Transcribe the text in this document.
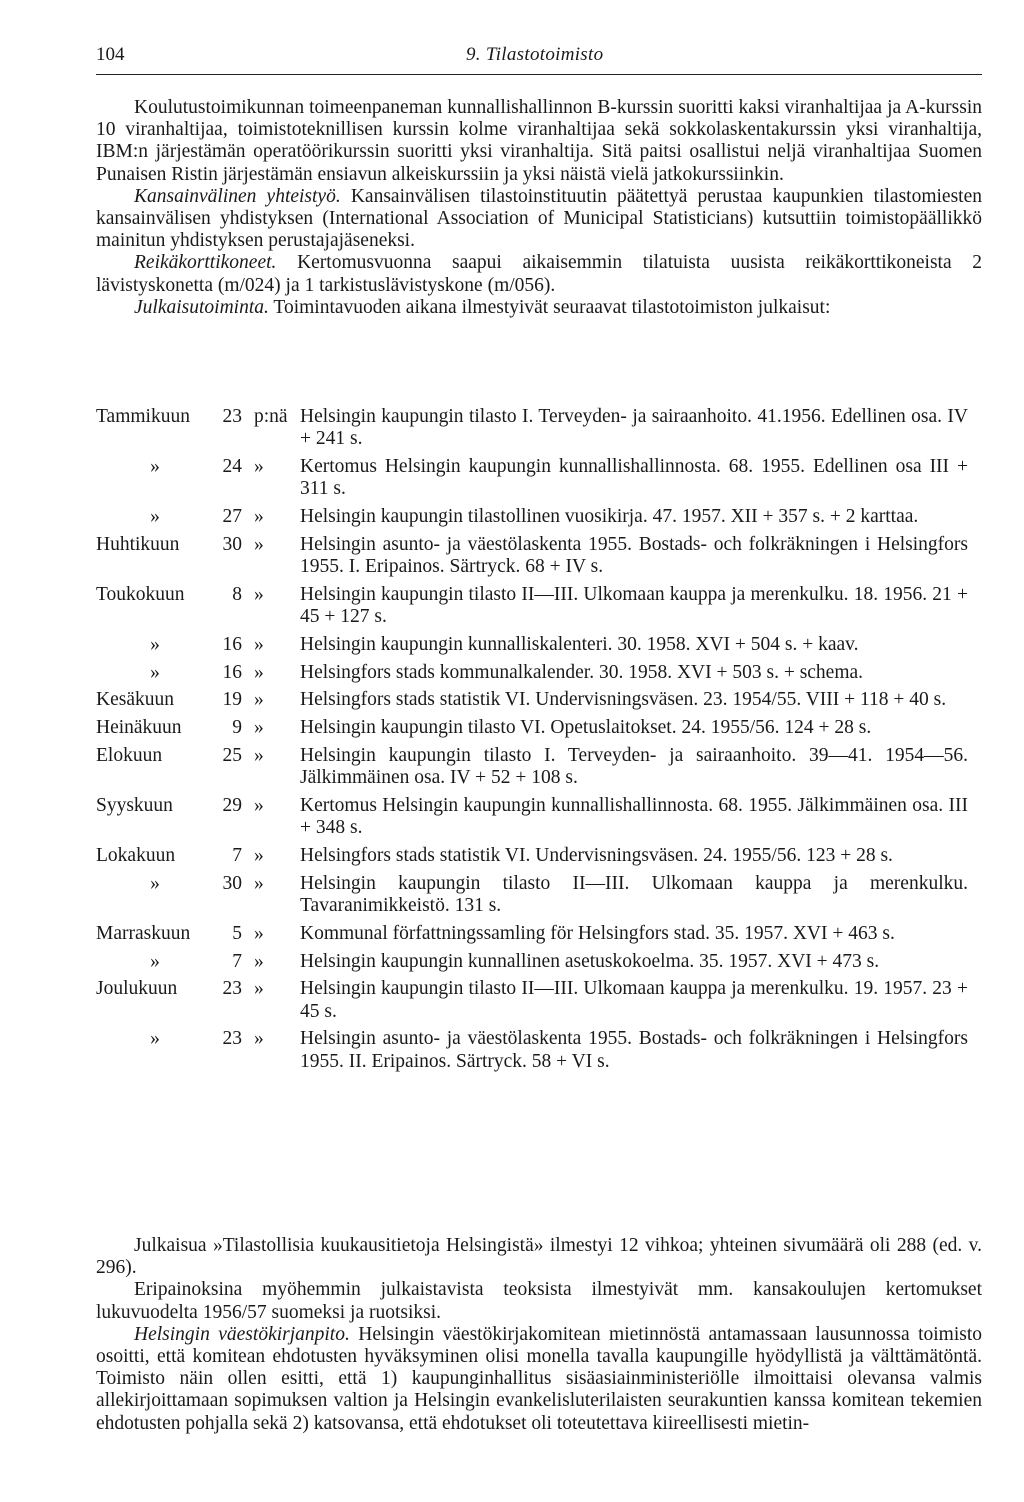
104	9. Tilastotoimisto

Koulutustoimikunnan toimeenpaneman kunnallishallinnon B-kurssin suoritti kaksi viranhaltijaa ja A-kurssin 10 viranhaltijaa, toimistoteknillisen kurssin kolme viranhaltijaa sekä sokkolaskentakurssin yksi viranhaltija, IBM:n järjestämän operatöörikurssin suoritti yksi viranhaltija. Sitä paitsi osallistui neljä viranhaltijaa Suomen Punaisen Ristin järjestämän ensiavun alkeiskurssiin ja yksi näistä vielä jatkokurssiinkin.

Kansainvälinen yhteistyö. Kansainvälisen tilastoinstituutin päätettyä perustaa kaupunkien tilastomiesten kansainvälisen yhdistyksen (International Association of Municipal Statisticians) kutsuttiin toimistopäällikkö mainitun yhdistyksen perustajajäseneksi.

Reikäkorttikoneet. Kertomusvuonna saapui aikaisemmin tilatuista uusista reikäkorttikoneista 2 lävistyskonetta (m/024) ja 1 tarkistuslävistyskone (m/056).

Julkaisutoiminta. Toimintavuoden aikana ilmestyivät seuraavat tilastotoimiston julkaisut:

Tammikuun	23 p:nä Helsingin kaupungin tilasto I. Terveyden- ja sairaanhoito. 41.1956. Edellinen osa. IV + 241 s.
»	24 »	Kertomus Helsingin kaupungin kunnallishallinnosta. 68. 1955. Edellinen osa III + 311 s.
»	27 »	Helsingin kaupungin tilastollinen vuosikirja. 47. 1957. XII + 357 s. + 2 karttaa.
Huhtikuun	30 »	Helsingin asunto- ja väestölaskenta 1955. Bostads- och folkräkningen i Helsingfors 1955. I. Eripainos. Särtryck. 68 + IV s.
Toukokuun	8 »	Helsingin kaupungin tilasto II—III. Ulkomaan kauppa ja merenkulku. 18. 1956. 21 + 45 + 127 s.
»	16 »	Helsingin kaupungin kunnalliskalenteri. 30. 1958. XVI + 504 s. + kaav.
»	16 »	Helsingfors stads kommunalkalender. 30. 1958. XVI + 503 s. + schema.
Kesäkuun	19 »	Helsingfors stads statistik VI. Undervisningsväsen. 23. 1954/55. VIII + 118 + 40 s.
Heinäkuun	9 »	Helsingin kaupungin tilasto VI. Opetuslaitokset. 24. 1955/56. 124 + 28 s.
Elokuun	25 »	Helsingin kaupungin tilasto I. Terveyden- ja sairaanhoito. 39—41. 1954—56. Jälkimmäinen osa. IV + 52 + 108 s.
Syyskuun	29 »	Kertomus Helsingin kaupungin kunnallishallinnosta. 68. 1955. Jälkimmäinen osa. III + 348 s.
Lokakuun	7 »	Helsingfors stads statistik VI. Undervisningsväsen. 24. 1955/56. 123 + 28 s.
»	30 »	Helsingin kaupungin tilasto II—III. Ulkomaan kauppa ja merenkulku. Tavaranimikkeistö. 131 s.
Marraskuun	5 »	Kommunal författningssamling för Helsingfors stad. 35. 1957. XVI + 463 s.
»	7 »	Helsingin kaupungin kunnallinen asetuskokoelma. 35. 1957. XVI + 473 s.
Joulukuun	23 »	Helsingin kaupungin tilasto II—III. Ulkomaan kauppa ja merenkulku. 19. 1957. 23 + 45 s.
»	23 »	Helsingin asunto- ja väestölaskenta 1955. Bostads- och folkräkningen i Helsingfors 1955. II. Eripainos. Särtryck. 58 + VI s.

Julkaisua »Tilastollisia kuukausitietoja Helsingistä» ilmestyi 12 vihkoa; yhteinen sivumäärä oli 288 (ed. v. 296).

Eripainoksina myöhemmin julkaistavista teoksista ilmestyivät mm. kansakoulujen kertomukset lukuvuodelta 1956/57 suomeksi ja ruotsiksi.

Helsingin väestökirjanpito. Helsingin väestökirjakomitean mietinnöstä antamassaan lausunnossa toimisto osoitti, että komitean ehdotusten hyväksyminen olisi monella tavalla kaupungille hyödyllistä ja välttämätöntä. Toimisto näin ollen esitti, että 1) kaupunginhallitus sisäasiainministeriölle ilmoittaisi olevansa valmis allekirjoittamaan sopimuksen valtion ja Helsingin evankelisluterilaisten seurakuntien kanssa komitean tekemien ehdotusten pohjalla sekä 2) katsovansa, että ehdotukset oli toteutettava kiireellisesti mietin-
